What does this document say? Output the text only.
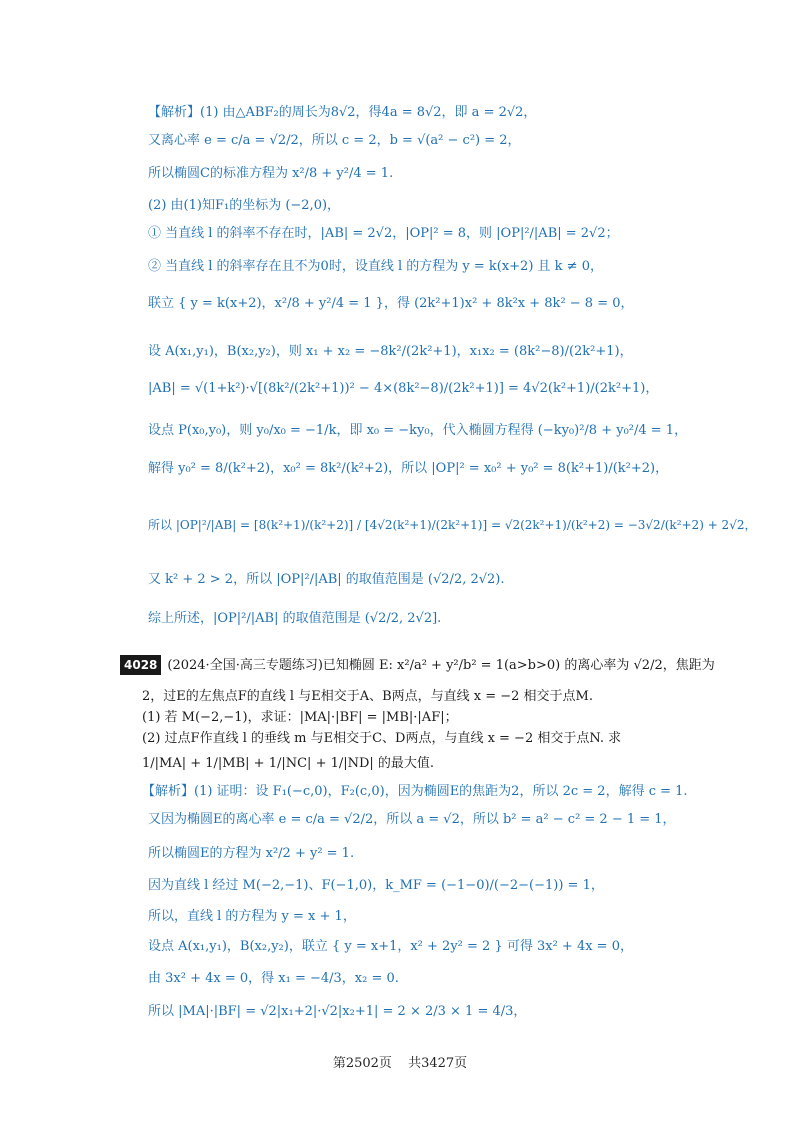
【解析】(1) 由△ABF₂的周长为8√2，得4a = 8√2，即 a = 2√2，
又离心率 e = c/a = √2/2，所以 c = 2，b = √(a² − c²) = 2，
所以椭圆C的标准方程为 x²/8 + y²/4 = 1.
(2) 由(1)知F₁的坐标为 (−2,0)，
① 当直线 l 的斜率不存在时，|AB| = 2√2，|OP|² = 8，则 |OP|²/|AB| = 2√2；
② 当直线 l 的斜率存在且不为0时，设直线 l 的方程为 y = k(x+2) 且 k ≠ 0，
联立 { y = k(x+2)，x²/8 + y²/4 = 1 }，得 (2k²+1)x² + 8k²x + 8k² − 8 = 0，
设 A(x₁,y₁)，B(x₂,y₂)，则 x₁ + x₂ = −8k²/(2k²+1)，x₁x₂ = (8k²−8)/(2k²+1)，
|AB| = √(1+k²)·√[(8k²/(2k²+1))² − 4×(8k²−8)/(2k²+1)] = 4√2(k²+1)/(2k²+1)，
设点 P(x₀,y₀)，则 y₀/x₀ = −1/k，即 x₀ = −ky₀，代入椭圆方程得 (−ky₀)²/8 + y₀²/4 = 1，
解得 y₀² = 8/(k²+2)，x₀² = 8k²/(k²+2)，所以 |OP|² = x₀² + y₀² = 8(k²+1)/(k²+2)，
所以 |OP|²/|AB| = [8(k²+1)/(k²+2)] / [4√2(k²+1)/(2k²+1)] = √2(2k²+1)/(k²+2) = −3√2/(k²+2) + 2√2，
又 k² + 2 > 2，所以 |OP|²/|AB| 的取值范围是 (√2/2, 2√2).
综上所述，|OP|²/|AB| 的取值范围是 (√2/2, 2√2].
4028 (2024·全国·高三专题练习)已知椭圆 E: x²/a² + y²/b² = 1(a>b>0) 的离心率为 √2/2，焦距为
2，过E的左焦点F的直线 l 与E相交于A、B两点，与直线 x = −2 相交于点M.
(1) 若 M(−2,−1)，求证：|MA|·|BF| = |MB|·|AF|；
(2) 过点F作直线 l 的垂线 m 与E相交于C、D两点，与直线 x = −2 相交于点N. 求
1/|MA| + 1/|MB| + 1/|NC| + 1/|ND| 的最大值.
【解析】(1) 证明：设 F₁(−c,0)，F₂(c,0)，因为椭圆E的焦距为2，所以 2c = 2，解得 c = 1.
又因为椭圆E的离心率 e = c/a = √2/2，所以 a = √2，所以 b² = a² − c² = 2 − 1 = 1，
所以椭圆E的方程为 x²/2 + y² = 1.
因为直线 l 经过 M(−2,−1)、F(−1,0)，k_MF = (−1−0)/(−2−(−1)) = 1，
所以，直线 l 的方程为 y = x + 1，
设点 A(x₁,y₁)，B(x₂,y₂)，联立 { y = x+1，x² + 2y² = 2 } 可得 3x² + 4x = 0，
由 3x² + 4x = 0，得 x₁ = −4/3，x₂ = 0.
所以 |MA|·|BF| = √2|x₁+2|·√2|x₂+1| = 2 × 2/3 × 1 = 4/3，
第2502页 共3427页
